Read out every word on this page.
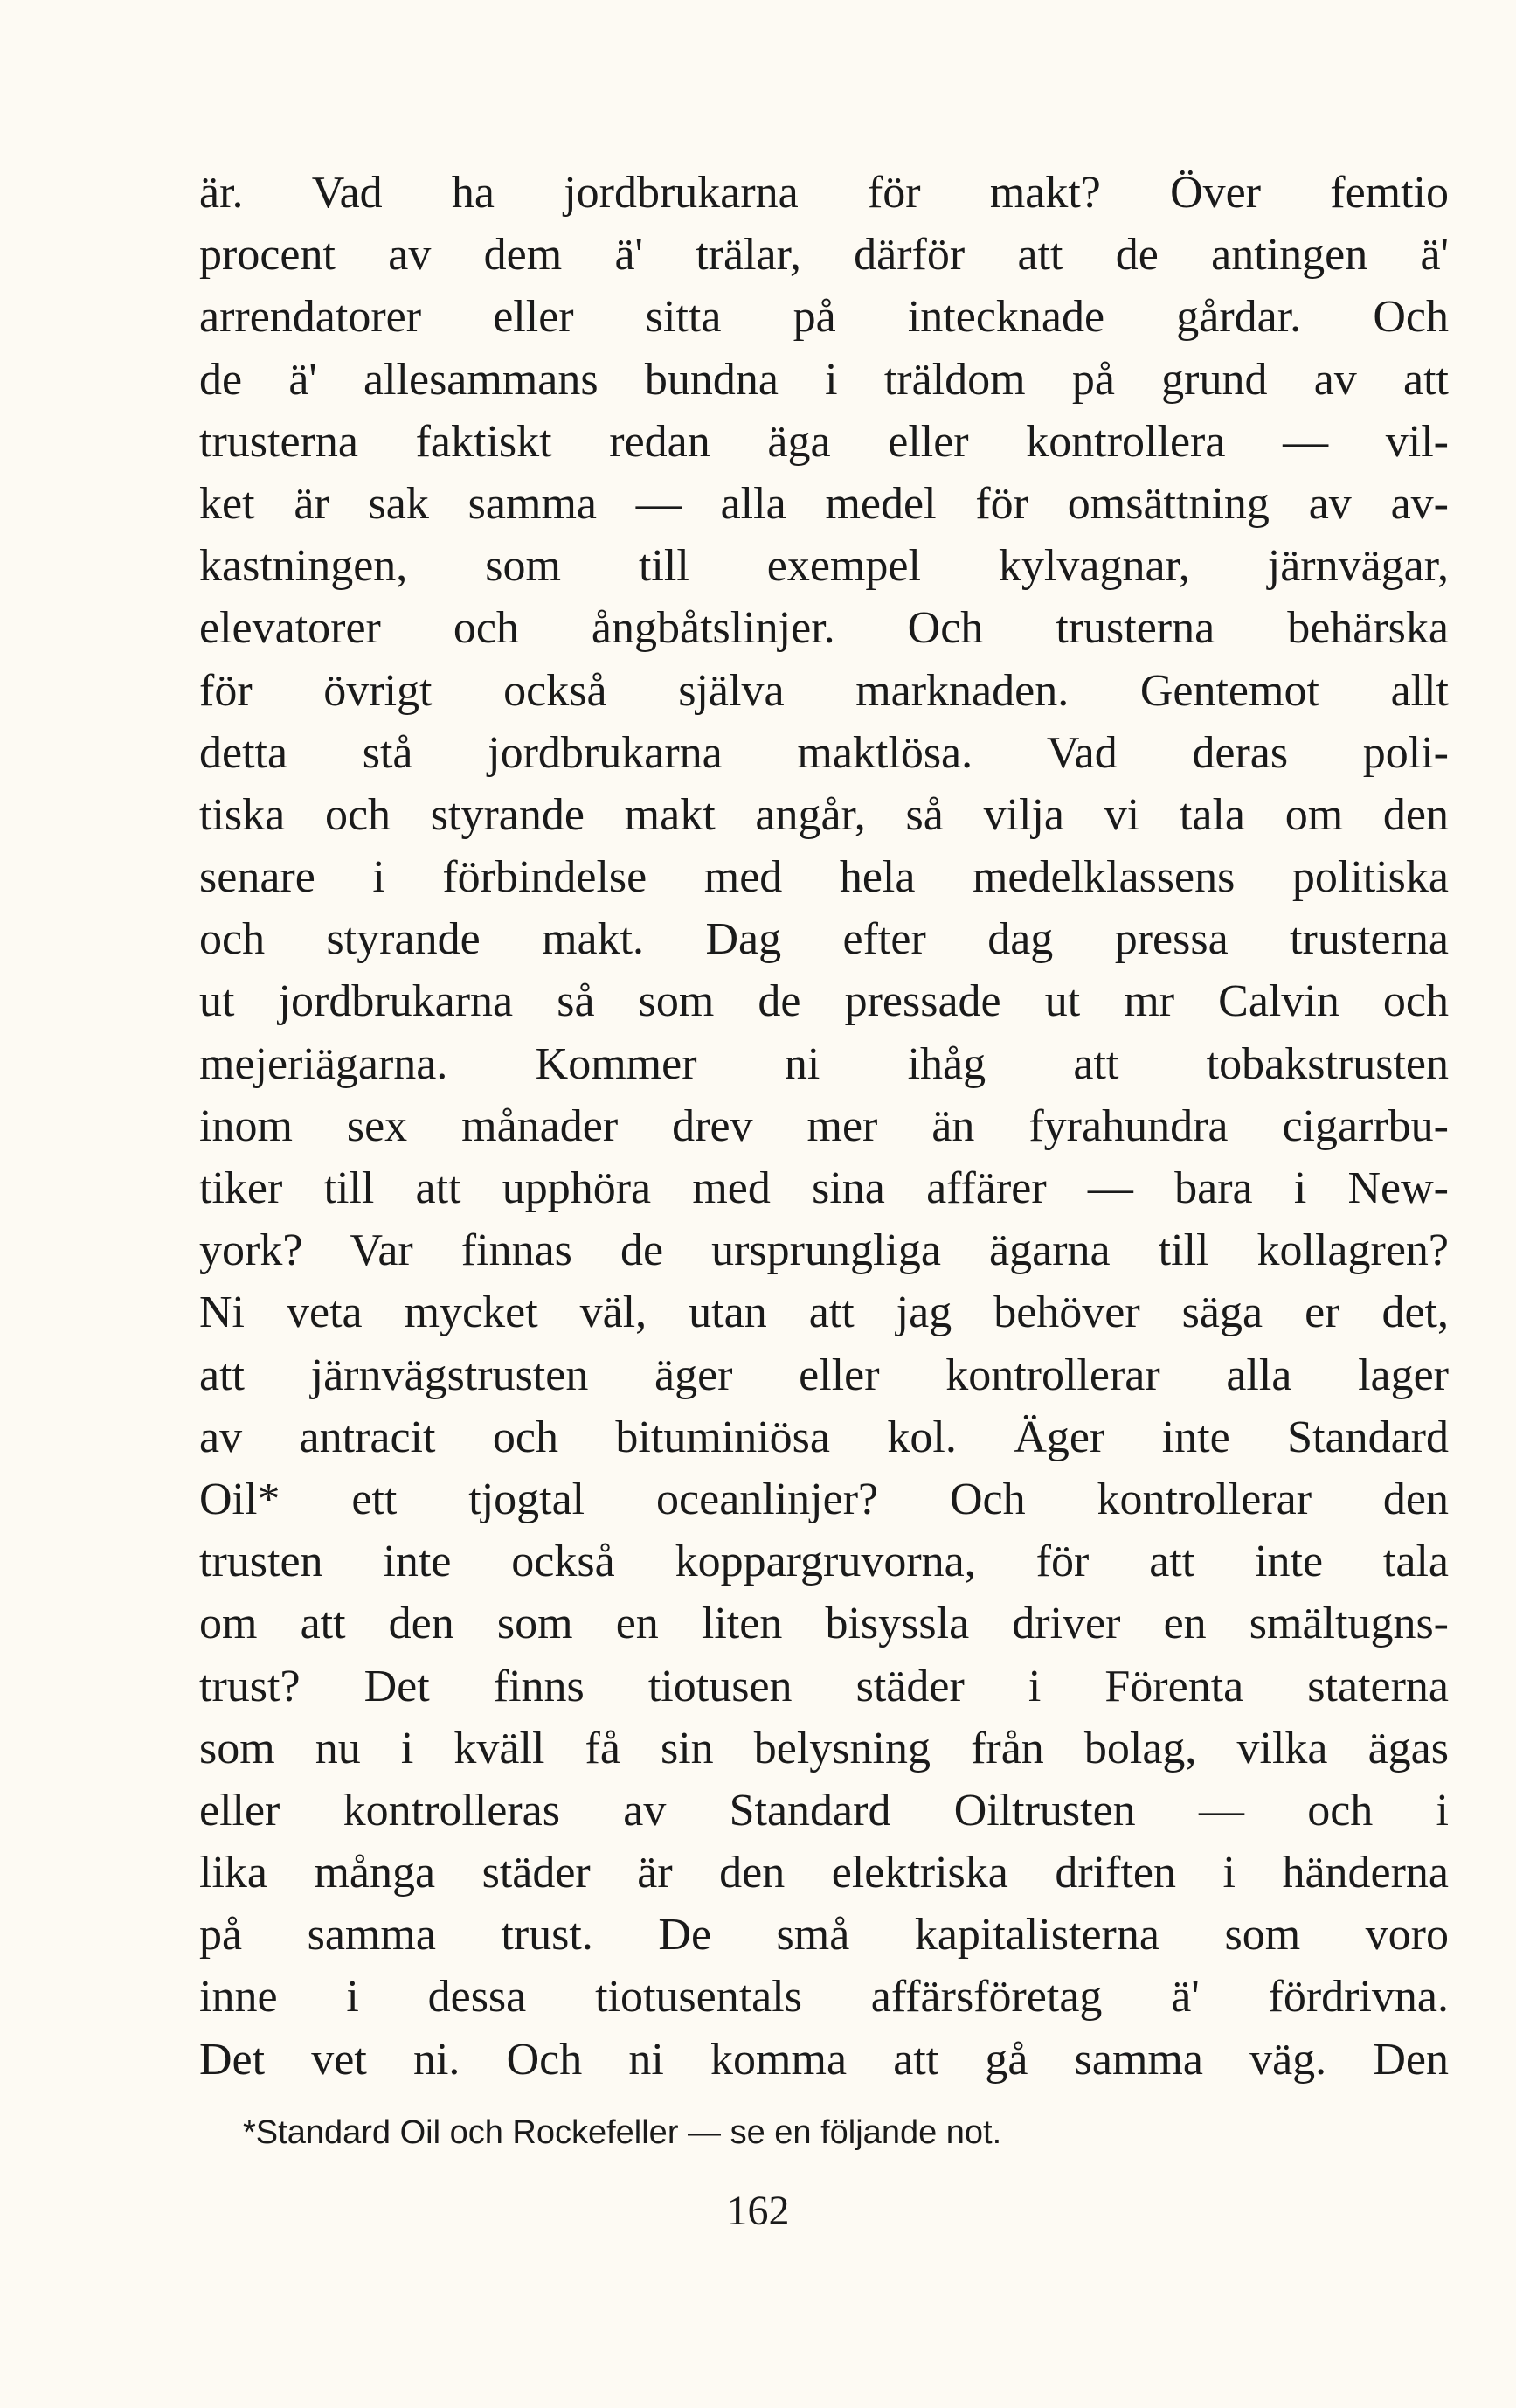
är. Vad ha jordbrukarna för makt? Över femtio
procent av dem ä' trälar, därför att de antingen ä'
arrendatorer eller sitta på intecknade gårdar. Och
de ä' allesammans bundna i träldom på grund av att
trusterna faktiskt redan äga eller kontrollera — vil-
ket är sak samma — alla medel för omsättning av av-
kastningen, som till exempel kylvagnar, järnvägar,
elevatorer och ångbåtslinjer. Och trusterna behärska
för övrigt också själva marknaden. Gentemot allt
detta stå jordbrukarna maktlösa. Vad deras poli-
tiska och styrande makt angår, så vilja vi tala om den
senare i förbindelse med hela medelklassens politiska
och styrande makt. Dag efter dag pressa trusterna
ut jordbrukarna så som de pressade ut mr Calvin och
mejeriägarna. Kommer ni ihåg att tobakstrusten
inom sex månader drev mer än fyrahundra cigarrbu-
tiker till att upphöra med sina affärer — bara i New-
york? Var finnas de ursprungliga ägarna till kollagren?
Ni veta mycket väl, utan att jag behöver säga er det,
att järnvägstrusten äger eller kontrollerar alla lager
av antracit och bituminiösa kol. Äger inte Standard
Oil* ett tjogtal oceanlinjer? Och kontrollerar den
trusten inte också koppargruvorna, för att inte tala
om att den som en liten bisyssla driver en smältugns-
trust? Det finns tiotusen städer i Förenta staterna
som nu i kväll få sin belysning från bolag, vilka ägas
eller kontrolleras av Standard Oiltrusten — och i
lika många städer är den elektriska driften i händerna
på samma trust. De små kapitalisterna som voro
inne i dessa tiotusentals affärsföretag ä' fördrivna.
Det vet ni. Och ni komma att gå samma väg. Den
*Standard Oil och Rockefeller — se en följande not.
162
